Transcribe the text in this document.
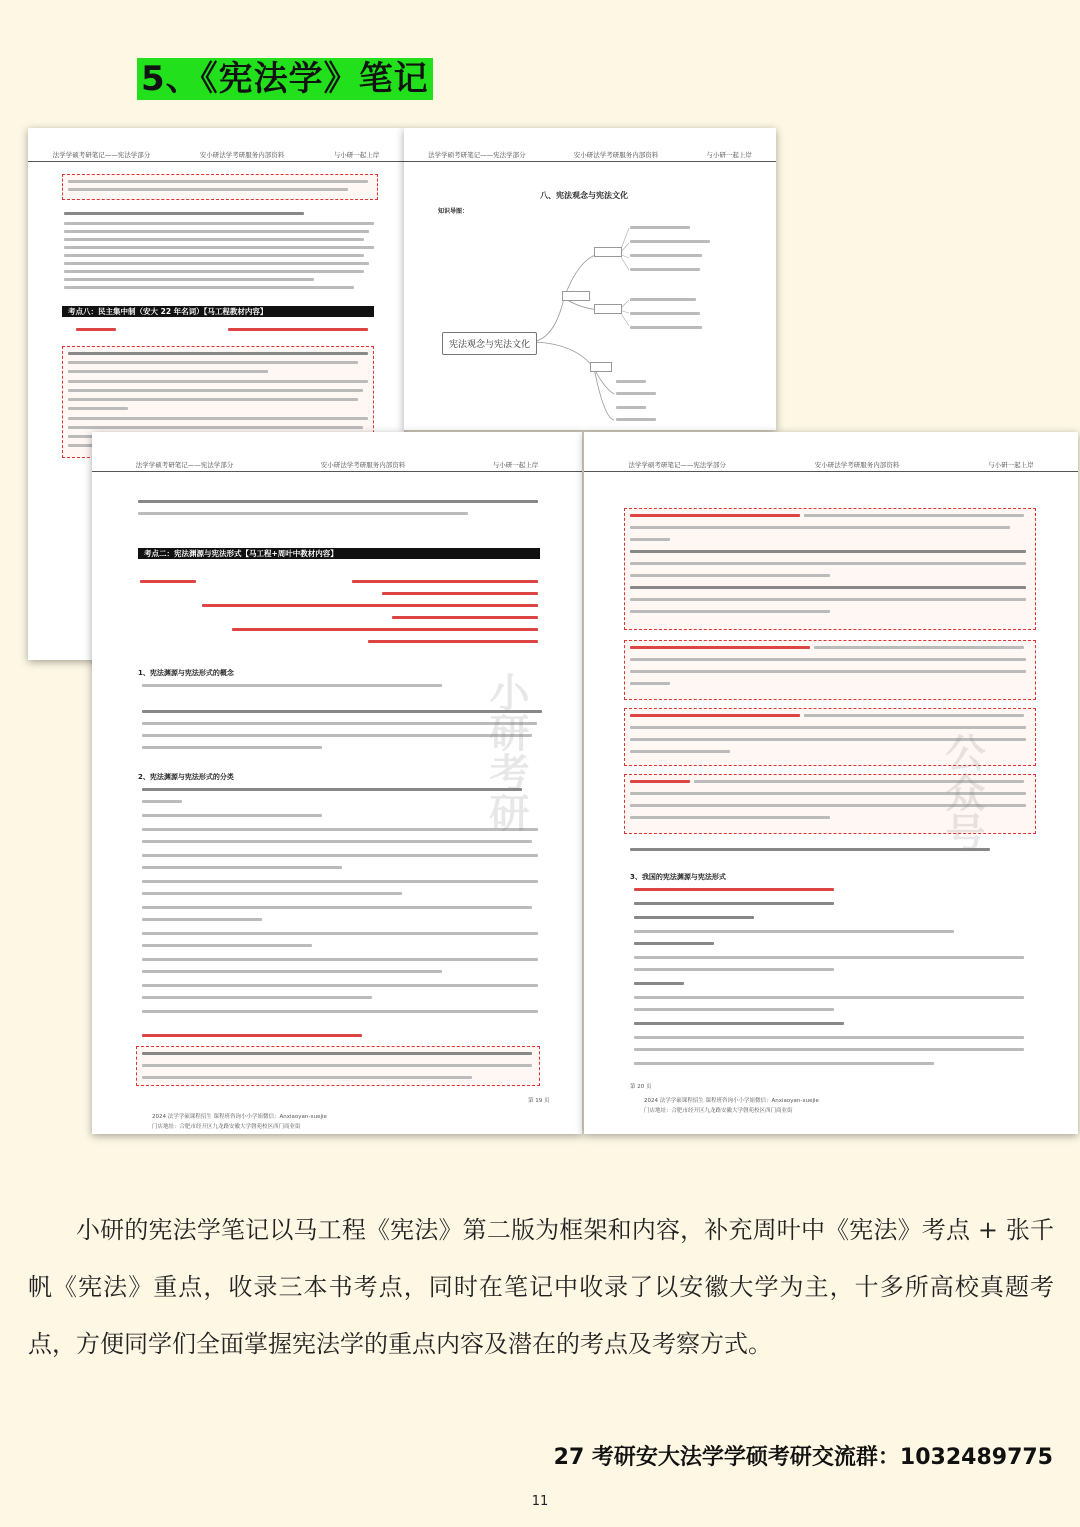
5、《宪法学》笔记
法学学硕考研笔记——宪法学部分	安小研法学考研服务内部资料	与小研一起上岸
考点八：民主集中制（安大 22 年名词）【马工程教材内容】
法学学硕考研笔记——宪法学部分	安小研法学考研服务内部资料	与小研一起上岸
八、宪法观念与宪法文化
知识导图：
宪法观念与宪法文化
法学学硕考研笔记——宪法学部分	安小研法学考研服务内部资料	与小研一起上岸
考点二：宪法渊源与宪法形式【马工程+周叶中教材内容】
1、宪法渊源与宪法形式的概念
2、宪法渊源与宪法形式的分类
第 19 页
2024 法学学硕课程招生 课程班咨询小小学姐微信：Anxiaoyan-xuejie
门店地址：合肥市经开区九龙路安徽大学磬苑校区西门商业街
小研考研
法学学硕考研笔记——宪法学部分	安小研法学考研服务内部资料	与小研一起上岸
3、我国的宪法渊源与宪法形式
第 20 页
2024 法学学硕课程招生 课程班咨询小小学姐微信：Anxiaoyan-xuejie
门店地址：合肥市经开区九龙路安徽大学磬苑校区西门商业街
公众号
小研的宪法学笔记以马工程《宪法》第二版为框架和内容，补充周叶中《宪法》考点 + 张千帆《宪法》重点，收录三本书考点，同时在笔记中收录了以安徽大学为主，十多所高校真题考点，方便同学们全面掌握宪法学的重点内容及潜在的考点及考察方式。
27 考研安大法学学硕考研交流群：1032489775
11
